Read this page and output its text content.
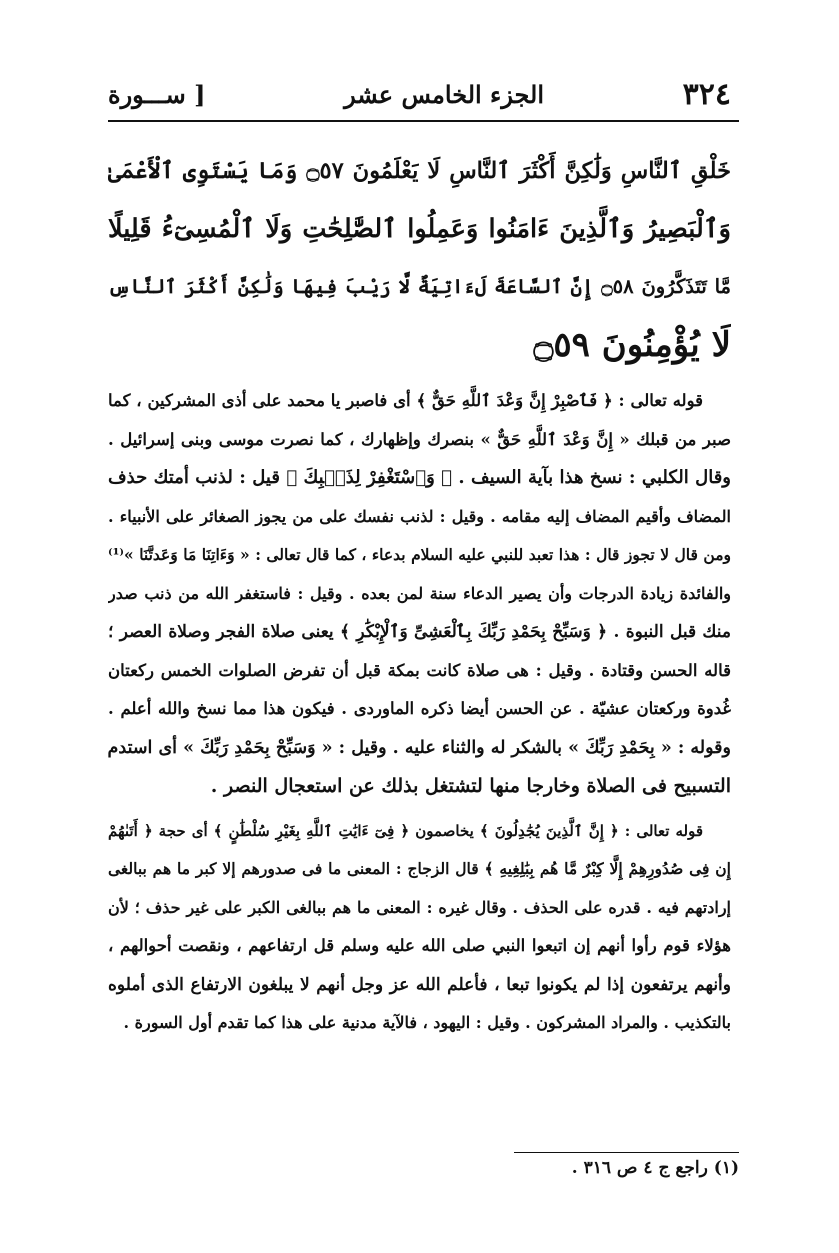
٣٢٤
الجزء الخامس عشر
[ ســـورة
خَلْقِ ٱلنَّاسِ وَلَٰكِنَّ أَكْثَرَ ٱلنَّاسِ لَا يَعْلَمُونَ ۝٥٧ وَمَا يَسْتَوِى ٱلْأَعْمَىٰ
وَٱلْبَصِيرُ وَٱلَّذِينَ ءَامَنُوا وَعَمِلُوا ٱلصَّٰلِحَٰتِ وَلَا ٱلْمُسِىٓءُ قَلِيلًا
مَّا تَتَذَكَّرُونَ ۝٥٨ إِنَّ ٱلسَّاعَةَ لَءَاتِيَةٌ لَّا رَيْبَ فِيهَا وَلَٰكِنَّ أَكْثَرَ ٱلنَّاسِ
لَا يُؤْمِنُونَ ۝٥٩
قوله تعالى : ﴿ فَٱصْبِرْ إِنَّ وَعْدَ ٱللَّهِ حَقٌّ ﴾ أى فاصبر يا محمد على أذى المشركين ، كما
صبر من قبلك « إِنَّ وَعْدَ ٱللَّهِ حَقٌّ » بنصرك وإظهارك ، كما نصرت موسى وبنى إسرائيل .
وقال الكلبي : نسخ هذا بآية السيف . ﴿ وَٱسْتَغْفِرْ لِذَنۢبِكَ ﴾ قيل : لذنب أمتك حذف
المضاف وأقيم المضاف إليه مقامه . وقيل : لذنب نفسك على من يجوز الصغائر على الأنبياء .
ومن قال لا تجوز قال : هذا تعبد للنبي عليه السلام بدعاء ، كما قال تعالى : « وَءَاتِنَا مَا وَعَدتَّنَا »⁽¹⁾
والفائدة زيادة الدرجات وأن يصير الدعاء سنة لمن بعده . وقيل : فاستغفر الله من ذنب صدر
منك قبل النبوة . ﴿ وَسَبِّحْ بِحَمْدِ رَبِّكَ بِٱلْعَشِىِّ وَٱلْإِبْكَٰرِ ﴾ يعنى صلاة الفجر وصلاة العصر ؛
قاله الحسن وقتادة . وقيل : هى صلاة كانت بمكة قبل أن تفرض الصلوات الخمس ركعتان
غُدوة وركعتان عشيّة . عن الحسن أيضا ذكره الماوردى . فيكون هذا مما نسخ والله أعلم .
وقوله : « بِحَمْدِ رَبِّكَ » بالشكر له والثناء عليه . وقيل : « وَسَبِّحْ بِحَمْدِ رَبِّكَ » أى استدم
التسبيح فى الصلاة وخارجا منها لتشتغل بذلك عن استعجال النصر .
قوله تعالى : ﴿ إِنَّ ٱلَّذِينَ يُجَٰدِلُونَ ﴾ يخاصمون ﴿ فِىٓ ءَايَٰتِ ٱللَّهِ بِغَيْرِ سُلْطَٰنٍ ﴾ أى حجة ﴿ أَتَىٰهُمْ
إِن فِى صُدُورِهِمْ إِلَّا كِبْرٌ مَّا هُم بِبَٰلِغِيهِ ﴾ قال الزجاج : المعنى ما فى صدورهم إلا كبر ما هم ببالغى
إرادتهم فيه . قدره على الحذف . وقال غيره : المعنى ما هم ببالغى الكبر على غير حذف ؛ لأن
هؤلاء قوم رأوا أنهم إن اتبعوا النبي صلى الله عليه وسلم قل ارتفاعهم ، ونقصت أحوالهم ،
وأنهم يرتفعون إذا لم يكونوا تبعا ، فأعلم الله عز وجل أنهم لا يبلغون الارتفاع الذى أملوه
بالتكذيب . والمراد المشركون . وقيل : اليهود ، فالآية مدنية على هذا كما تقدم أول السورة .
(١) راجع ج ٤ ص ٣١٦ .
